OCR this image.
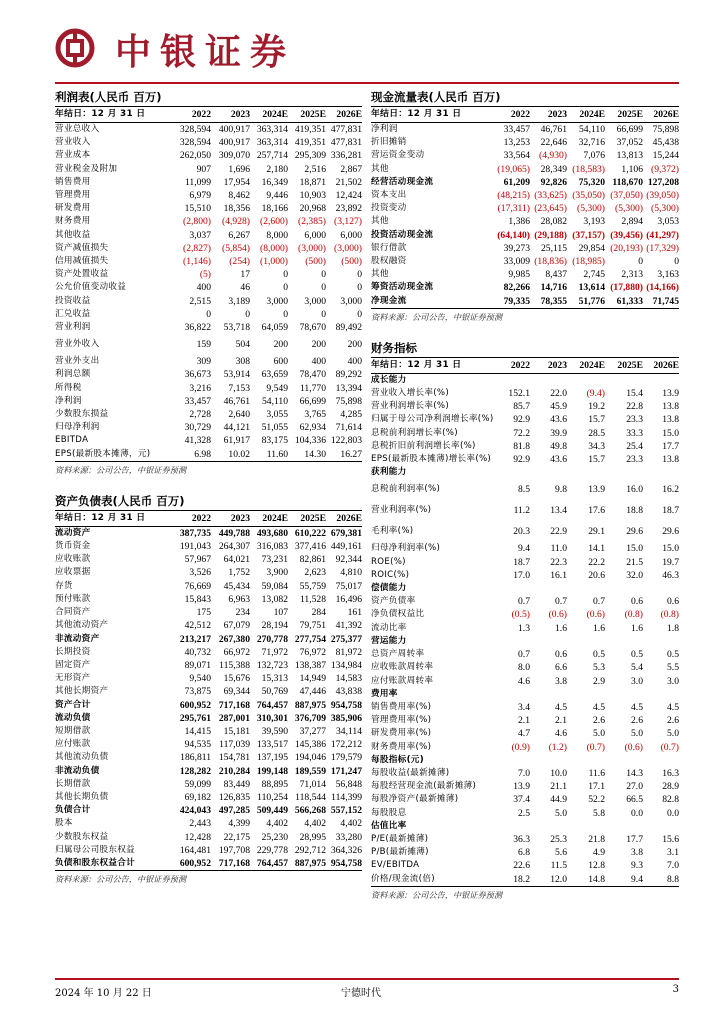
中银证券
利润表(人民币 百万)
年结日：12 月 31 日	2022	2023	2024E	2025E	2026E
营业总收入	328,594	400,917	363,314	419,351	477,831
营业收入	328,594	400,917	363,314	419,351	477,831
营业成本	262,050	309,070	257,714	295,309	336,281
营业税金及附加	907	1,696	2,180	2,516	2,867
销售费用	11,099	17,954	16,349	18,871	21,502
管理费用	6,979	8,462	9,446	10,903	12,424
研发费用	15,510	18,356	18,166	20,968	23,892
财务费用	(2,800)	(4,928)	(2,600)	(2,385)	(3,127)
其他收益	3,037	6,267	8,000	6,000	6,000
资产减值损失	(2,827)	(5,854)	(8,000)	(3,000)	(3,000)
信用减值损失	(1,146)	(254)	(1,000)	(500)	(500)
资产处置收益	(5)	17	0	0	0
公允价值变动收益	400	46	0	0	0
投资收益	2,515	3,189	3,000	3,000	3,000
汇兑收益	0	0	0	0	0
营业利润	36,822	53,718	64,059	78,670	89,492
营业外收入	159	504	200	200	200
营业外支出	309	308	600	400	400
利润总额	36,673	53,914	63,659	78,470	89,292
所得税	3,216	7,153	9,549	11,770	13,394
净利润	33,457	46,761	54,110	66,699	75,898
少数股东损益	2,728	2,640	3,055	3,765	4,285
归母净利润	30,729	44,121	51,055	62,934	71,614
EBITDA	41,328	61,917	83,175	104,336	122,803
EPS(最新股本摊薄，元)	6.98	10.02	11.60	14.30	16.27
资料来源：公司公告，中银证券预测
资产负债表(人民币 百万)
年结日：12 月 31 日	2022	2023	2024E	2025E	2026E
流动资产	387,735	449,788	493,680	610,222	679,381
货币资金	191,043	264,307	316,083	377,416	449,161
应收账款	57,967	64,021	73,231	82,861	92,344
应收票据	3,526	1,752	3,900	2,623	4,810
存货	76,669	45,434	59,084	55,759	75,017
预付账款	15,843	6,963	13,082	11,528	16,496
合同资产	175	234	107	284	161
其他流动资产	42,512	67,079	28,194	79,751	41,392
非流动资产	213,217	267,380	270,778	277,754	275,377
长期投资	40,732	66,972	71,972	76,972	81,972
固定资产	89,071	115,388	132,723	138,387	134,984
无形资产	9,540	15,676	15,313	14,949	14,583
其他长期资产	73,875	69,344	50,769	47,446	43,838
资产合计	600,952	717,168	764,457	887,975	954,758
流动负债	295,761	287,001	310,301	376,709	385,906
短期借款	14,415	15,181	39,590	37,277	34,114
应付账款	94,535	117,039	133,517	145,386	172,212
其他流动负债	186,811	154,781	137,195	194,046	179,579
非流动负债	128,282	210,284	199,148	189,559	171,247
长期借款	59,099	83,449	88,895	71,014	56,848
其他长期负债	69,182	126,835	110,254	118,544	114,399
负债合计	424,043	497,285	509,449	566,268	557,152
股本	2,443	4,399	4,402	4,402	4,402
少数股东权益	12,428	22,175	25,230	28,995	33,280
归属母公司股东权益	164,481	197,708	229,778	292,712	364,326
负债和股东权益合计	600,952	717,168	764,457	887,975	954,758
资料来源：公司公告，中银证券预测
现金流量表(人民币 百万)
年结日：12 月 31 日	2022	2023	2024E	2025E	2026E
净利润	33,457	46,761	54,110	66,699	75,898
折旧摊销	13,253	22,646	32,716	37,052	45,438
营运资金变动	33,564	(4,930)	7,076	13,813	15,244
其他	(19,065)	28,349	(18,583)	1,106	(9,372)
经营活动现金流	61,209	92,826	75,320	118,670	127,208
资本支出	(48,215)	(33,625)	(35,050)	(37,050)	(39,050)
投资变动	(17,311)	(23,645)	(5,300)	(5,300)	(5,300)
其他	1,386	28,082	3,193	2,894	3,053
投资活动现金流	(64,140)	(29,188)	(37,157)	(39,456)	(41,297)
银行借款	39,273	25,115	29,854	(20,193)	(17,329)
股权融资	33,009	(18,836)	(18,985)	0	0
其他	9,985	8,437	2,745	2,313	3,163
筹资活动现金流	82,266	14,716	13,614	(17,880)	(14,166)
净现金流	79,335	78,355	51,776	61,333	71,745
资料来源：公司公告，中银证券预测
财务指标
年结日：12 月 31 日	2022	2023	2024E	2025E	2026E
成长能力					
营业收入增长率(%)	152.1	22.0	(9.4)	15.4	13.9
营业利润增长率(%)	85.7	45.9	19.2	22.8	13.8
归属于母公司净利润增长率(%)	92.9	43.6	15.7	23.3	13.8
息税前利润增长率(%)	72.2	39.9	28.5	33.3	15.0
息税折旧前利润增长率(%)	81.8	49.8	34.3	25.4	17.7
EPS(最新股本摊薄)增长率(%)	92.9	43.6	15.7	23.3	13.8
获利能力					
息税前利润率(%)	8.5	9.8	13.9	16.0	16.2
营业利润率(%)	11.2	13.4	17.6	18.8	18.7
毛利率(%)	20.3	22.9	29.1	29.6	29.6
归母净利润率(%)	9.4	11.0	14.1	15.0	15.0
ROE(%)	18.7	22.3	22.2	21.5	19.7
ROIC(%)	17.0	16.1	20.6	32.0	46.3
偿债能力					
资产负债率	0.7	0.7	0.7	0.6	0.6
净负债权益比	(0.5)	(0.6)	(0.6)	(0.8)	(0.8)
流动比率	1.3	1.6	1.6	1.6	1.8
营运能力					
总资产周转率	0.7	0.6	0.5	0.5	0.5
应收账款周转率	8.0	6.6	5.3	5.4	5.5
应付账款周转率	4.6	3.8	2.9	3.0	3.0
费用率					
销售费用率(%)	3.4	4.5	4.5	4.5	4.5
管理费用率(%)	2.1	2.1	2.6	2.6	2.6
研发费用率(%)	4.7	4.6	5.0	5.0	5.0
财务费用率(%)	(0.9)	(1.2)	(0.7)	(0.6)	(0.7)
每股指标(元)					
每股收益(最新摊薄)	7.0	10.0	11.6	14.3	16.3
每股经营现金流(最新摊薄)	13.9	21.1	17.1	27.0	28.9
每股净资产(最新摊薄)	37.4	44.9	52.2	66.5	82.8
每股股息	2.5	5.0	5.8	0.0	0.0
估值比率					
P/E(最新摊薄)	36.3	25.3	21.8	17.7	15.6
P/B(最新摊薄)	6.8	5.6	4.9	3.8	3.1
EV/EBITDA	22.6	11.5	12.8	9.3	7.0
价格/现金流(倍)	18.2	12.0	14.8	9.4	8.8
资料来源：公司公告，中银证券预测
2024 年 10 月 22 日	宁德时代	3
